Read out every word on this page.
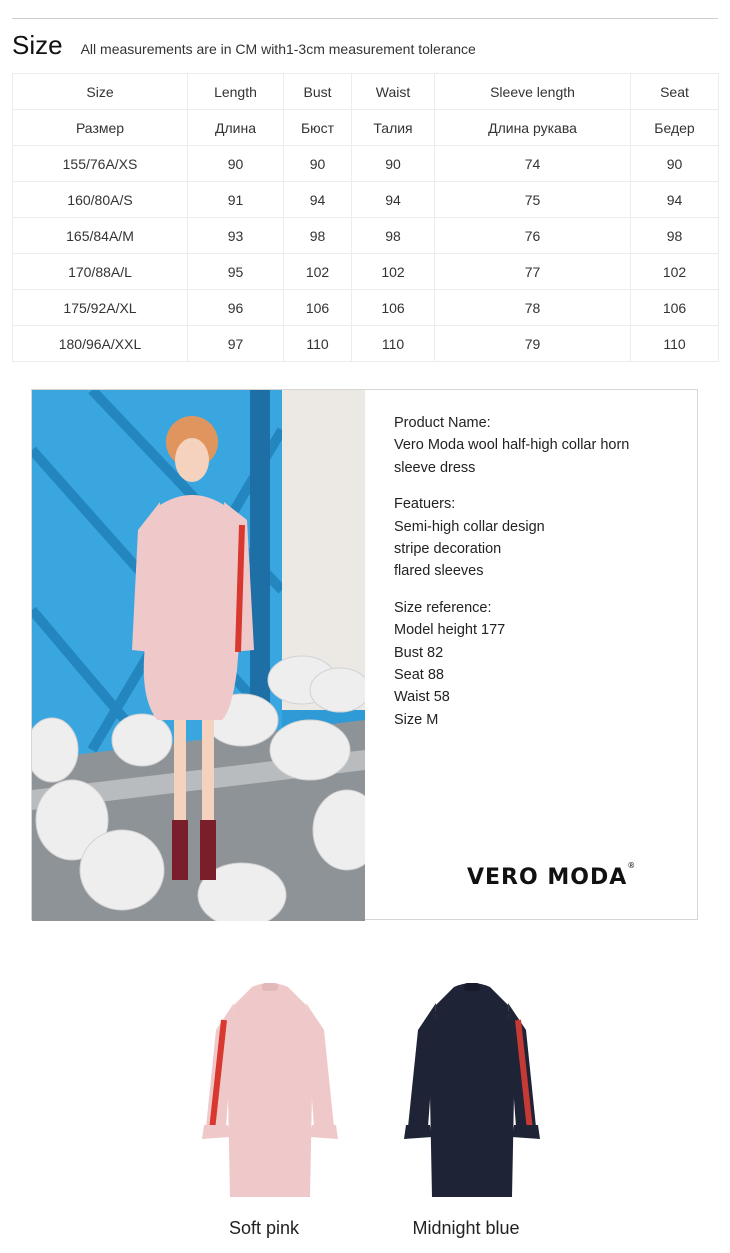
Size All measurements are in CM with1-3cm measurement tolerance
Size	Length	Bust	Waist	Sleeve length	Seat
Размер	Длина	Бюст	Талия	Длина рукава	Бедер
155/76A/XS	90	90	90	74	90
160/80A/S	91	94	94	75	94
165/84A/M	93	98	98	76	98
170/88A/L	95	102	102	77	102
175/92A/XL	96	106	106	78	106
180/96A/XXL	97	110	110	79	110

Product Name:
Vero Moda wool half-high collar horn
sleeve dress

Featuers:
Semi-high collar design
stripe decoration
flared sleeves

Size reference:
Model height 177
Bust 82
Seat 88
Waist 58
Size M

VERO MODA®
Soft pink	Midnight blue
